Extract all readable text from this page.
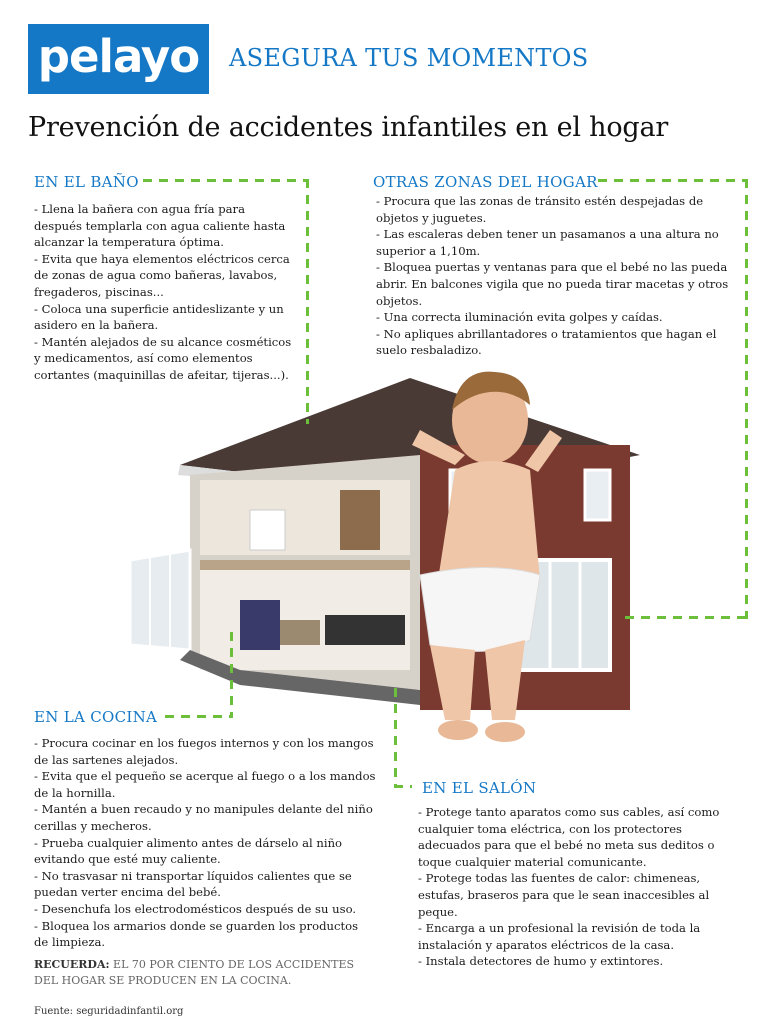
pelayo ASEGURA TUS MOMENTOS
Prevención de accidentes infantiles en el hogar
EN EL BAÑO

- Llena la bañera con agua fría para después templarla con agua caliente hasta alcanzar la temperatura óptima.

- Evita que haya elementos eléctricos cerca de zonas de agua como bañeras, lavabos, fregaderos, piscinas...

- Coloca una superficie antideslizante y un asidero en la bañera.

- Mantén alejados de su alcance cosméticos y medicamentos, así como elementos cortantes (maquinillas de afeitar, tijeras...).

OTRAS ZONAS DEL HOGAR

- Procura que las zonas de tránsito estén despejadas de objetos y juguetes.

- Las escaleras deben tener un pasamanos a una altura no superior a 1,10m.

- Bloquea puertas y ventanas para que el bebé no las pueda abrir. En balcones vigila que no pueda tirar macetas y otros objetos.

- Una correcta iluminación evita golpes y caídas.

- No apliques abrillantadores o tratamientos que hagan el suelo resbaladizo.

EN LA COCINA

- Procura cocinar en los fuegos internos y con los mangos de las sartenes alejados.

- Evita que el pequeño se acerque al fuego o a los mandos de la hornilla.

- Mantén a buen recaudo y no manipules delante del niño cerillas y mecheros.

- Prueba cualquier alimento antes de dárselo al niño evitando que esté muy caliente.

- No trasvasar ni transportar líquidos calientes que se puedan verter encima del bebé.

- Desenchufa los electrodomésticos después de su uso.

- Bloquea los armarios donde se guarden los productos de limpieza.

EN EL SALÓN

- Protege tanto aparatos como sus cables, así como cualquier toma eléctrica, con los protectores adecuados para que el bebé no meta sus deditos o toque cualquier material comunicante.

- Protege todas las fuentes de calor: chimeneas, estufas, braseros para que le sean inaccesibles al peque.

- Encarga a un profesional la revisión de toda la instalación y aparatos eléctricos de la casa.

- Instala detectores de humo y extintores.

RECUERDA: EL 70 POR CIENTO DE LOS ACCIDENTES
DEL HOGAR SE PRODUCEN EN LA COCINA.
Fuente: seguridadinfantil.org
